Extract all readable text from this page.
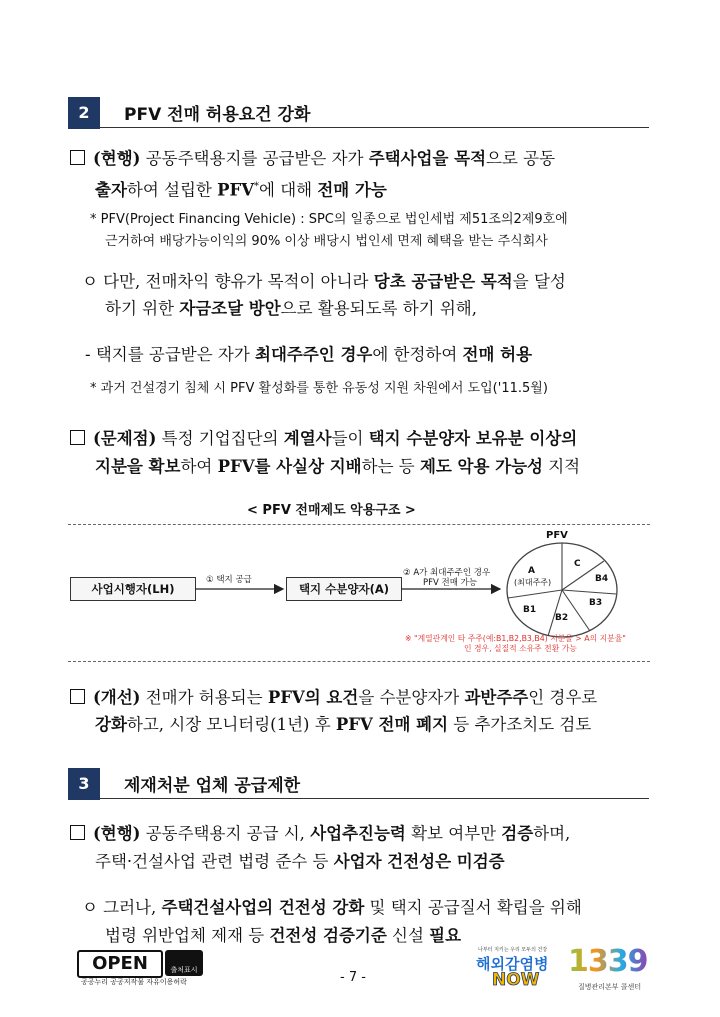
2	PFV 전매 허용요건 강화
(현행) 공동주택용지를 공급받은 자가 주택사업을 목적으로 공동
출자하여 설립한 PFV*에 대해 전매 가능
* PFV(Project Financing Vehicle) : SPC의 일종으로 법인세법 제51조의2제9호에
근거하여 배당가능이익의 90% 이상 배당시 법인세 면제 혜택을 받는 주식회사
ㅇ 다만, 전매차익 향유가 목적이 아니라 당초 공급받은 목적을 달성
하기 위한 자금조달 방안으로 활용되도록 하기 위해,
- 택지를 공급받은 자가 최대주주인 경우에 한정하여 전매 허용
* 과거 건설경기 침체 시 PFV 활성화를 통한 유동성 지원 차원에서 도입('11.5월)
(문제점) 특정 기업집단의 계열사들이 택지 수분양자 보유분 이상의
지분을 확보하여 PFV를 사실상 지배하는 등 제도 악용 가능성 지적
< PFV 전매제도 악용구조 >
사업시행자(LH)	택지 수분양자(A)
① 택지 공급
② A가 최대주주인 경우
PFV 전매 가능
PFV
A
(최대주주)
C
B4
B3
B2
B1
※ "계열관계인 타 주주(예:B1,B2,B3,B4) 지분율 > A의 지분율"
인 경우, 실질적 소유주 전환 가능
(개선) 전매가 허용되는 PFV의 요건을 수분양자가 과반주주인 경우로
강화하고, 시장 모니터링(1년) 후 PFV 전매 폐지 등 추가조치도 검토
3	제재처분 업체 공급제한
(현행) 공동주택용지 공급 시, 사업추진능력 확보 여부만 검증하며,
주택·건설사업 관련 법령 준수 등 사업자 건전성은 미검증
ㅇ 그러나, 주택건설사업의 건전성 강화 및 택지 공급질서 확립을 위해
법령 위반업체 제재 등 건전성 검증기준 신설 필요
OPEN	출처표시
공공누리 공공저작물 자유이용허락	- 7 -
나부터 지키는 우리 모두의 건강
해외감염병
NOW
1339
질병관리본부 콜센터
